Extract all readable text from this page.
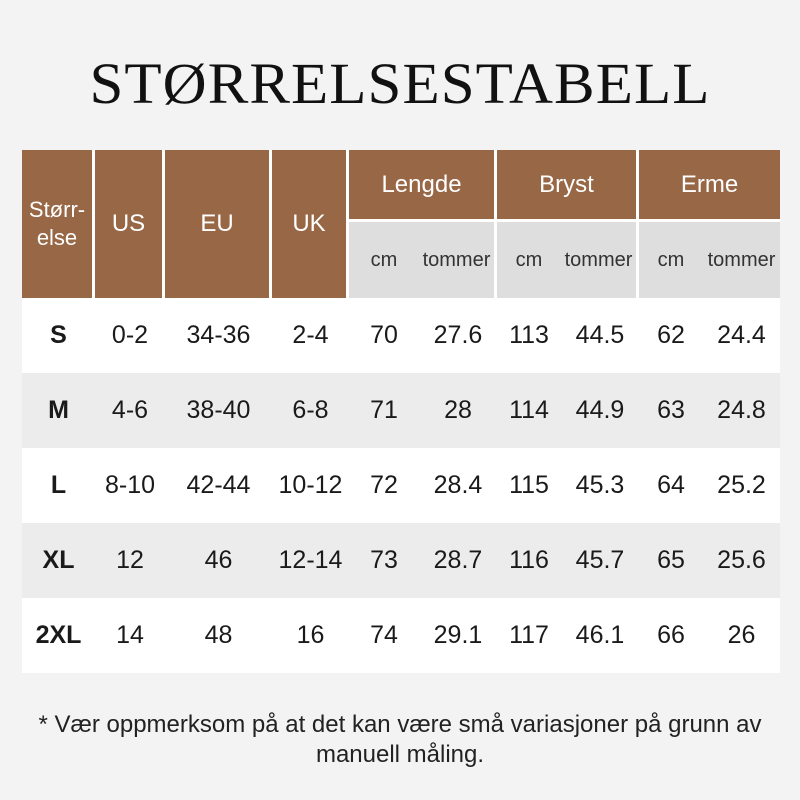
STØRRELSESTABELL
Størr-else	US	EU	UK	Lengde		Bryst		Erme	
				cm	tommer	cm	tommer	cm	tommer
S	0-2	34-36	2-4	70	27.6	113	44.5	62	24.4
M	4-6	38-40	6-8	71	28	114	44.9	63	24.8
L	8-10	42-44	10-12	72	28.4	115	45.3	64	25.2
XL	12	46	12-14	73	28.7	116	45.7	65	25.6
2XL	14	48	16	74	29.1	117	46.1	66	26
* Vær oppmerksom på at det kan være små variasjoner på grunn av manuell måling.
